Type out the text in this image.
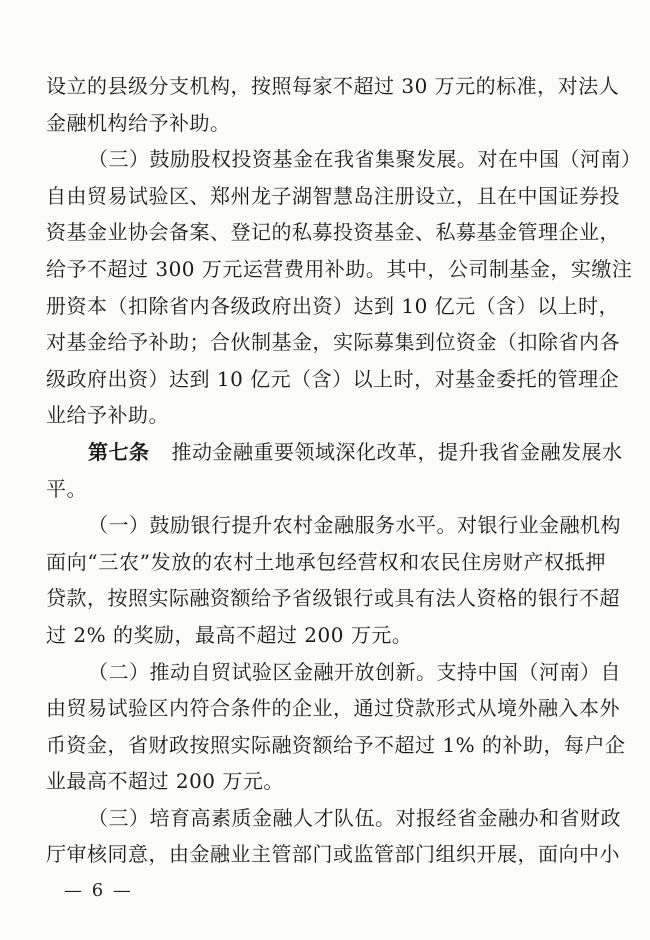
设立的县级分支机构，按照每家不超过 30 万元的标准，对法人
金融机构给予补助。
（三）鼓励股权投资基金在我省集聚发展。对在中国（河南）
自由贸易试验区、郑州龙子湖智慧岛注册设立，且在中国证券投
资基金业协会备案、登记的私募投资基金、私募基金管理企业，
给予不超过 300 万元运营费用补助。其中，公司制基金，实缴注
册资本（扣除省内各级政府出资）达到 10 亿元（含）以上时，
对基金给予补助；合伙制基金，实际募集到位资金（扣除省内各
级政府出资）达到 10 亿元（含）以上时，对基金委托的管理企
业给予补助。
第七条 推动金融重要领域深化改革，提升我省金融发展水
平。
（一）鼓励银行提升农村金融服务水平。对银行业金融机构
面向“三农”发放的农村土地承包经营权和农民住房财产权抵押
贷款，按照实际融资额给予省级银行或具有法人资格的银行不超
过 2% 的奖励，最高不超过 200 万元。
（二）推动自贸试验区金融开放创新。支持中国（河南）自
由贸易试验区内符合条件的企业，通过贷款形式从境外融入本外
币资金，省财政按照实际融资额给予不超过 1% 的补助，每户企
业最高不超过 200 万元。
（三）培育高素质金融人才队伍。对报经省金融办和省财政
厅审核同意，由金融业主管部门或监管部门组织开展，面向中小
— 6 —
